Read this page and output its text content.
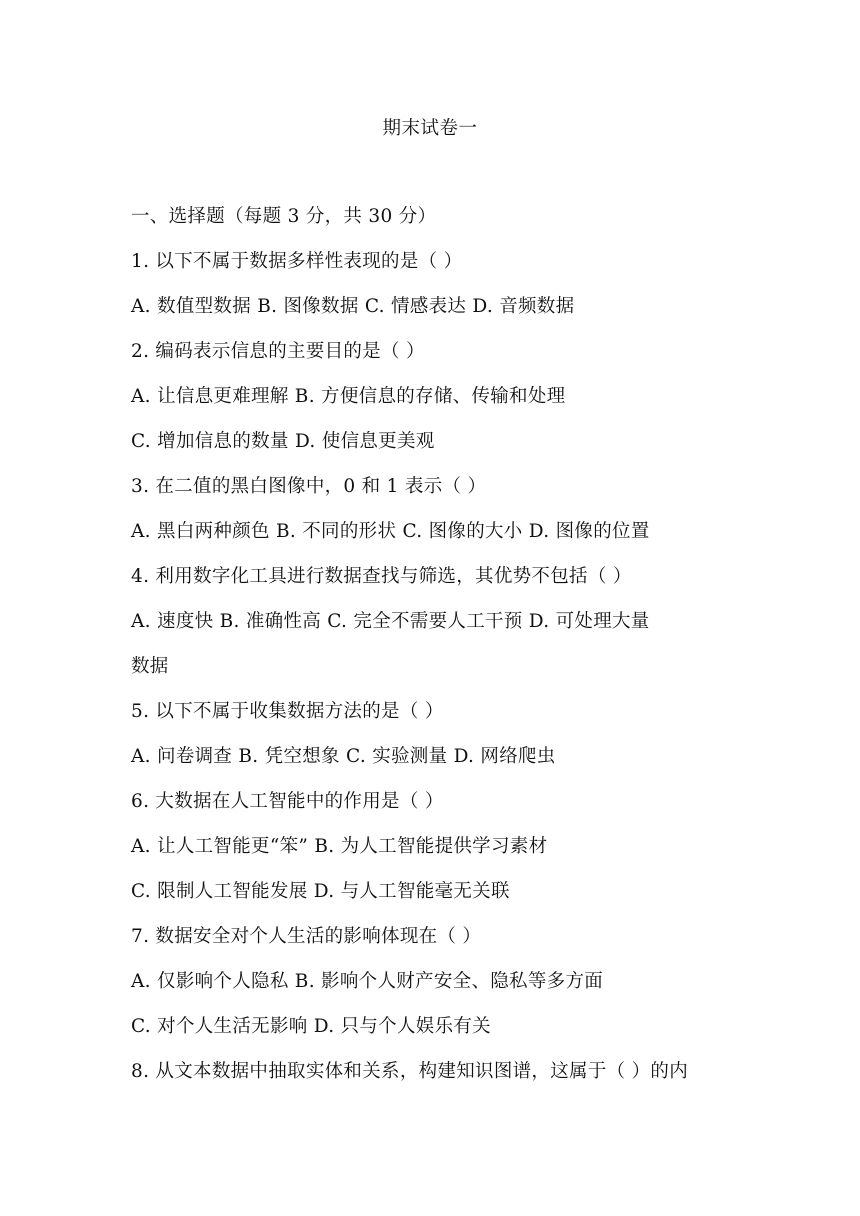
期末试卷一
一、选择题（每题 3 分，共 30 分）
1. 以下不属于数据多样性表现的是（ ）
A. 数值型数据 B. 图像数据 C. 情感表达 D. 音频数据
2. 编码表示信息的主要目的是（ ）
A. 让信息更难理解 B. 方便信息的存储、传输和处理
C. 增加信息的数量 D. 使信息更美观
3. 在二值的黑白图像中，0 和 1 表示（ ）
A. 黑白两种颜色 B. 不同的形状 C. 图像的大小 D. 图像的位置
4. 利用数字化工具进行数据查找与筛选，其优势不包括（ ）
A. 速度快 B. 准确性高 C. 完全不需要人工干预 D. 可处理大量
数据
5. 以下不属于收集数据方法的是（ ）
A. 问卷调查 B. 凭空想象 C. 实验测量 D. 网络爬虫
6. 大数据在人工智能中的作用是（ ）
A. 让人工智能更“笨” B. 为人工智能提供学习素材
C. 限制人工智能发展 D. 与人工智能毫无关联
7. 数据安全对个人生活的影响体现在（ ）
A. 仅影响个人隐私 B. 影响个人财产安全、隐私等多方面
C. 对个人生活无影响 D. 只与个人娱乐有关
8. 从文本数据中抽取实体和关系，构建知识图谱，这属于（ ）的内
